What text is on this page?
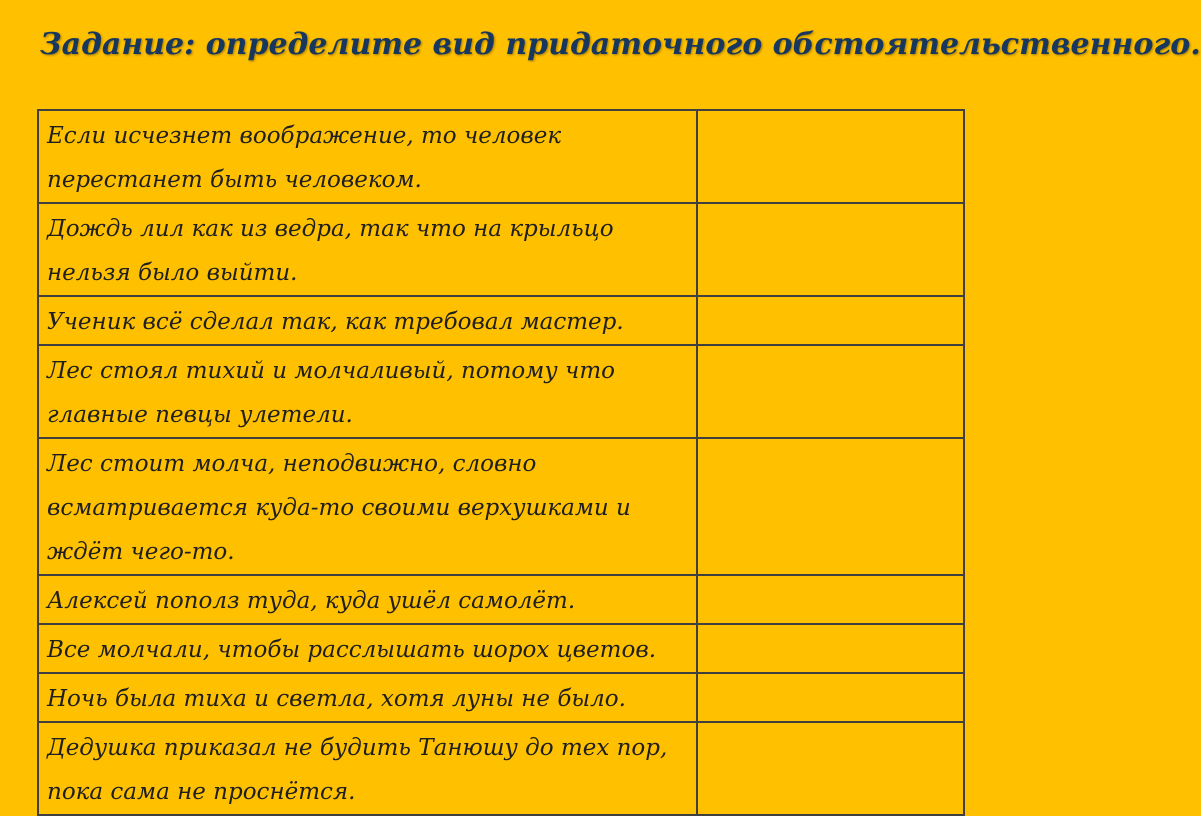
Задание: определите вид придаточного обстоятельственного.
Если исчезнет воображение, то человек перестанет быть человеком.	
Дождь лил как из ведра, так что на крыльцо нельзя было выйти.	
Ученик всё сделал так, как требовал мастер.	
Лес стоял тихий и молчаливый, потому что главные певцы улетели.	
Лес стоит молча, неподвижно, словно всматривается куда-то своими верхушками и ждёт чего-то.	
Алексей пополз туда, куда ушёл самолёт.	
Все молчали, чтобы расслышать шорох цветов.	
Ночь была тиха и светла, хотя луны не было.	
Дедушка приказал не будить Танюшу до тех пор, пока сама не проснётся.	
